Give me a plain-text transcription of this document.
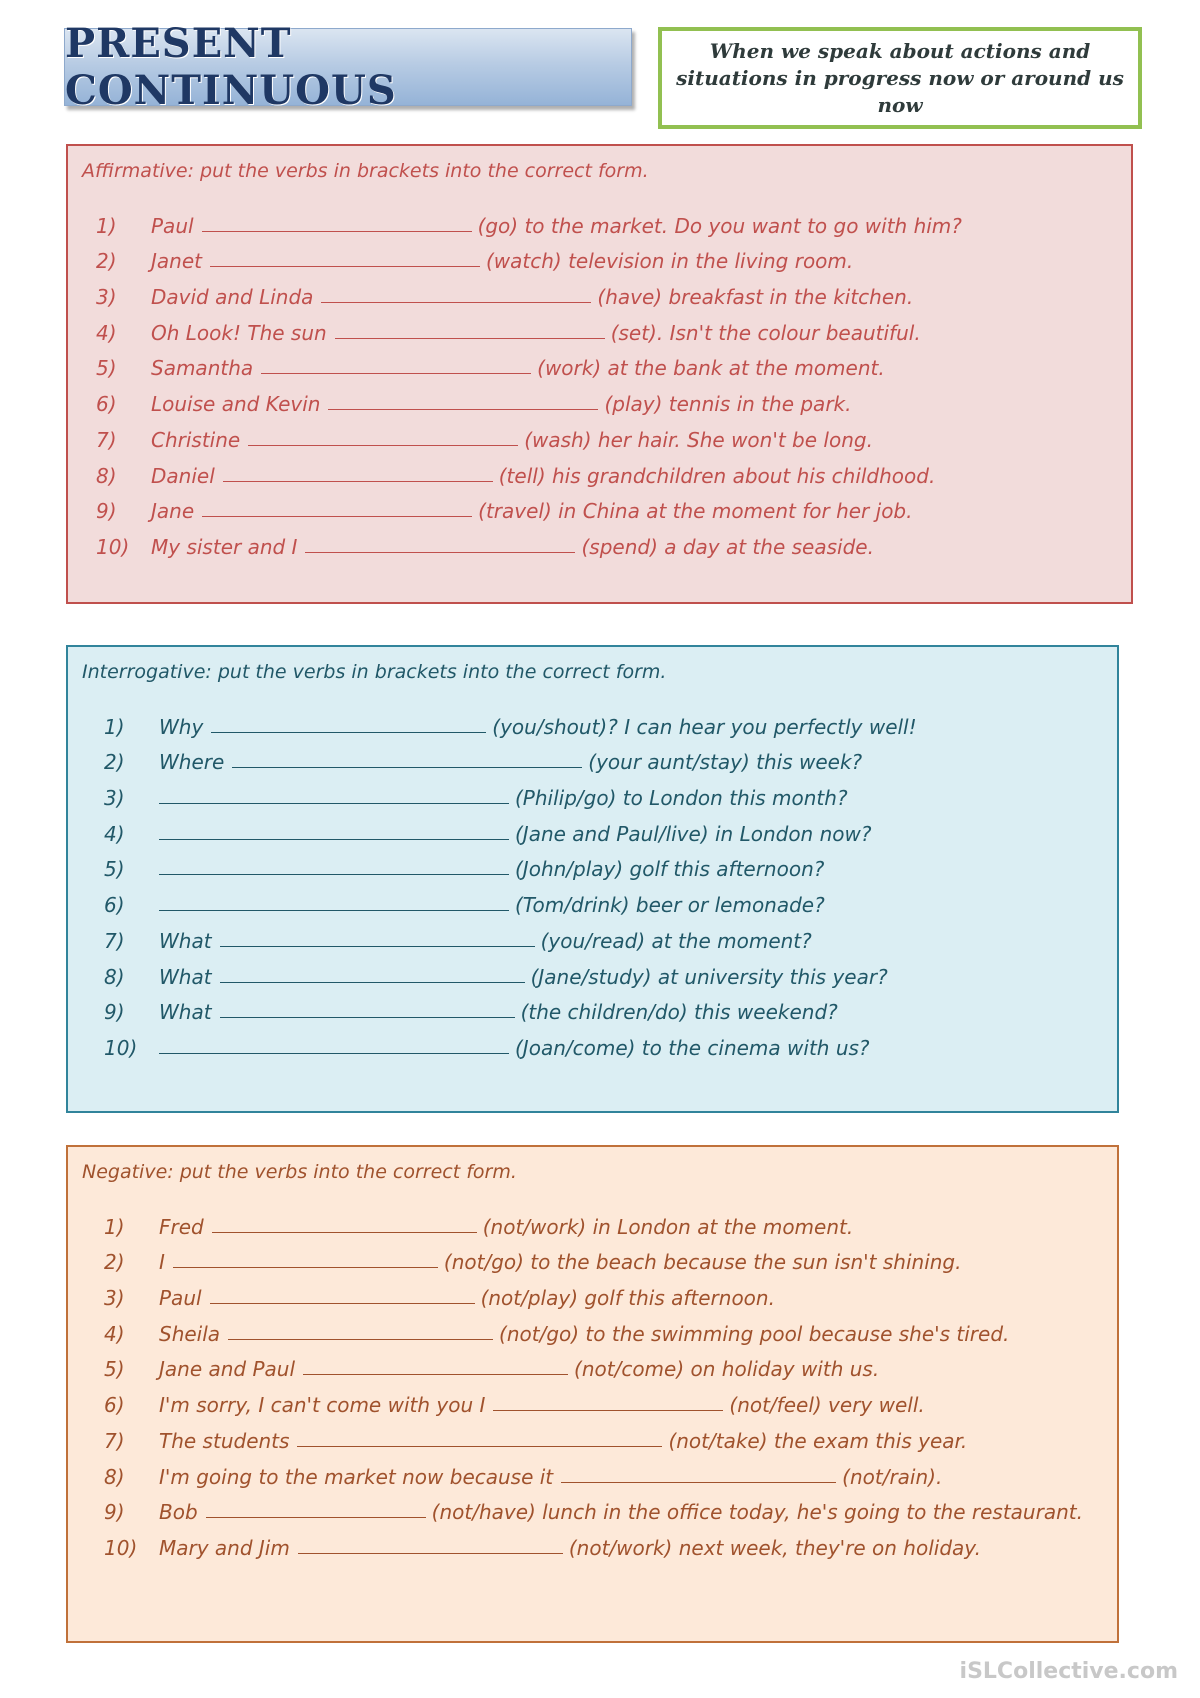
PRESENT CONTINUOUS
When we speak about actions and situations in progress now or around us now
Affirmative: put the verbs in brackets into the correct form.
1)	Paul	(go) to the market. Do you want to go with him?
2)	Janet	(watch) television in the living room.
3)	David and Linda	(have) breakfast in the kitchen.
4)	Oh Look! The sun	(set). Isn't the colour beautiful.
5)	Samantha	(work) at the bank at the moment.
6)	Louise and Kevin	(play) tennis in the park.
7)	Christine	(wash) her hair. She won't be long.
8)	Daniel	(tell) his grandchildren about his childhood.
9)	Jane	(travel) in China at the moment for her job.
10)	My sister and I	(spend) a day at the seaside.
Interrogative: put the verbs in brackets into the correct form.
1)	Why	(you/shout)? I can hear you perfectly well!
2)	Where	(your aunt/stay) this week?
3)	(Philip/go) to London this month?
4)	(Jane and Paul/live) in London now?
5)	(John/play) golf this afternoon?
6)	(Tom/drink) beer or lemonade?
7)	What	(you/read) at the moment?
8)	What	(Jane/study) at university this year?
9)	What	(the children/do) this weekend?
10)	(Joan/come) to the cinema with us?
Negative: put the verbs into the correct form.
1)	Fred	(not/work) in London at the moment.
2)	I	(not/go) to the beach because the sun isn't shining.
3)	Paul	(not/play) golf this afternoon.
4)	Sheila	(not/go) to the swimming pool because she's tired.
5)	Jane and Paul	(not/come) on holiday with us.
6)	I'm sorry, I can't come with you I	(not/feel) very well.
7)	The students	(not/take) the exam this year.
8)	I'm going to the market now because it	(not/rain).
9)	Bob	(not/have) lunch in the office today, he's going to the restaurant.
10)	Mary and Jim	(not/work) next week, they're on holiday.
iSLCollective.com
